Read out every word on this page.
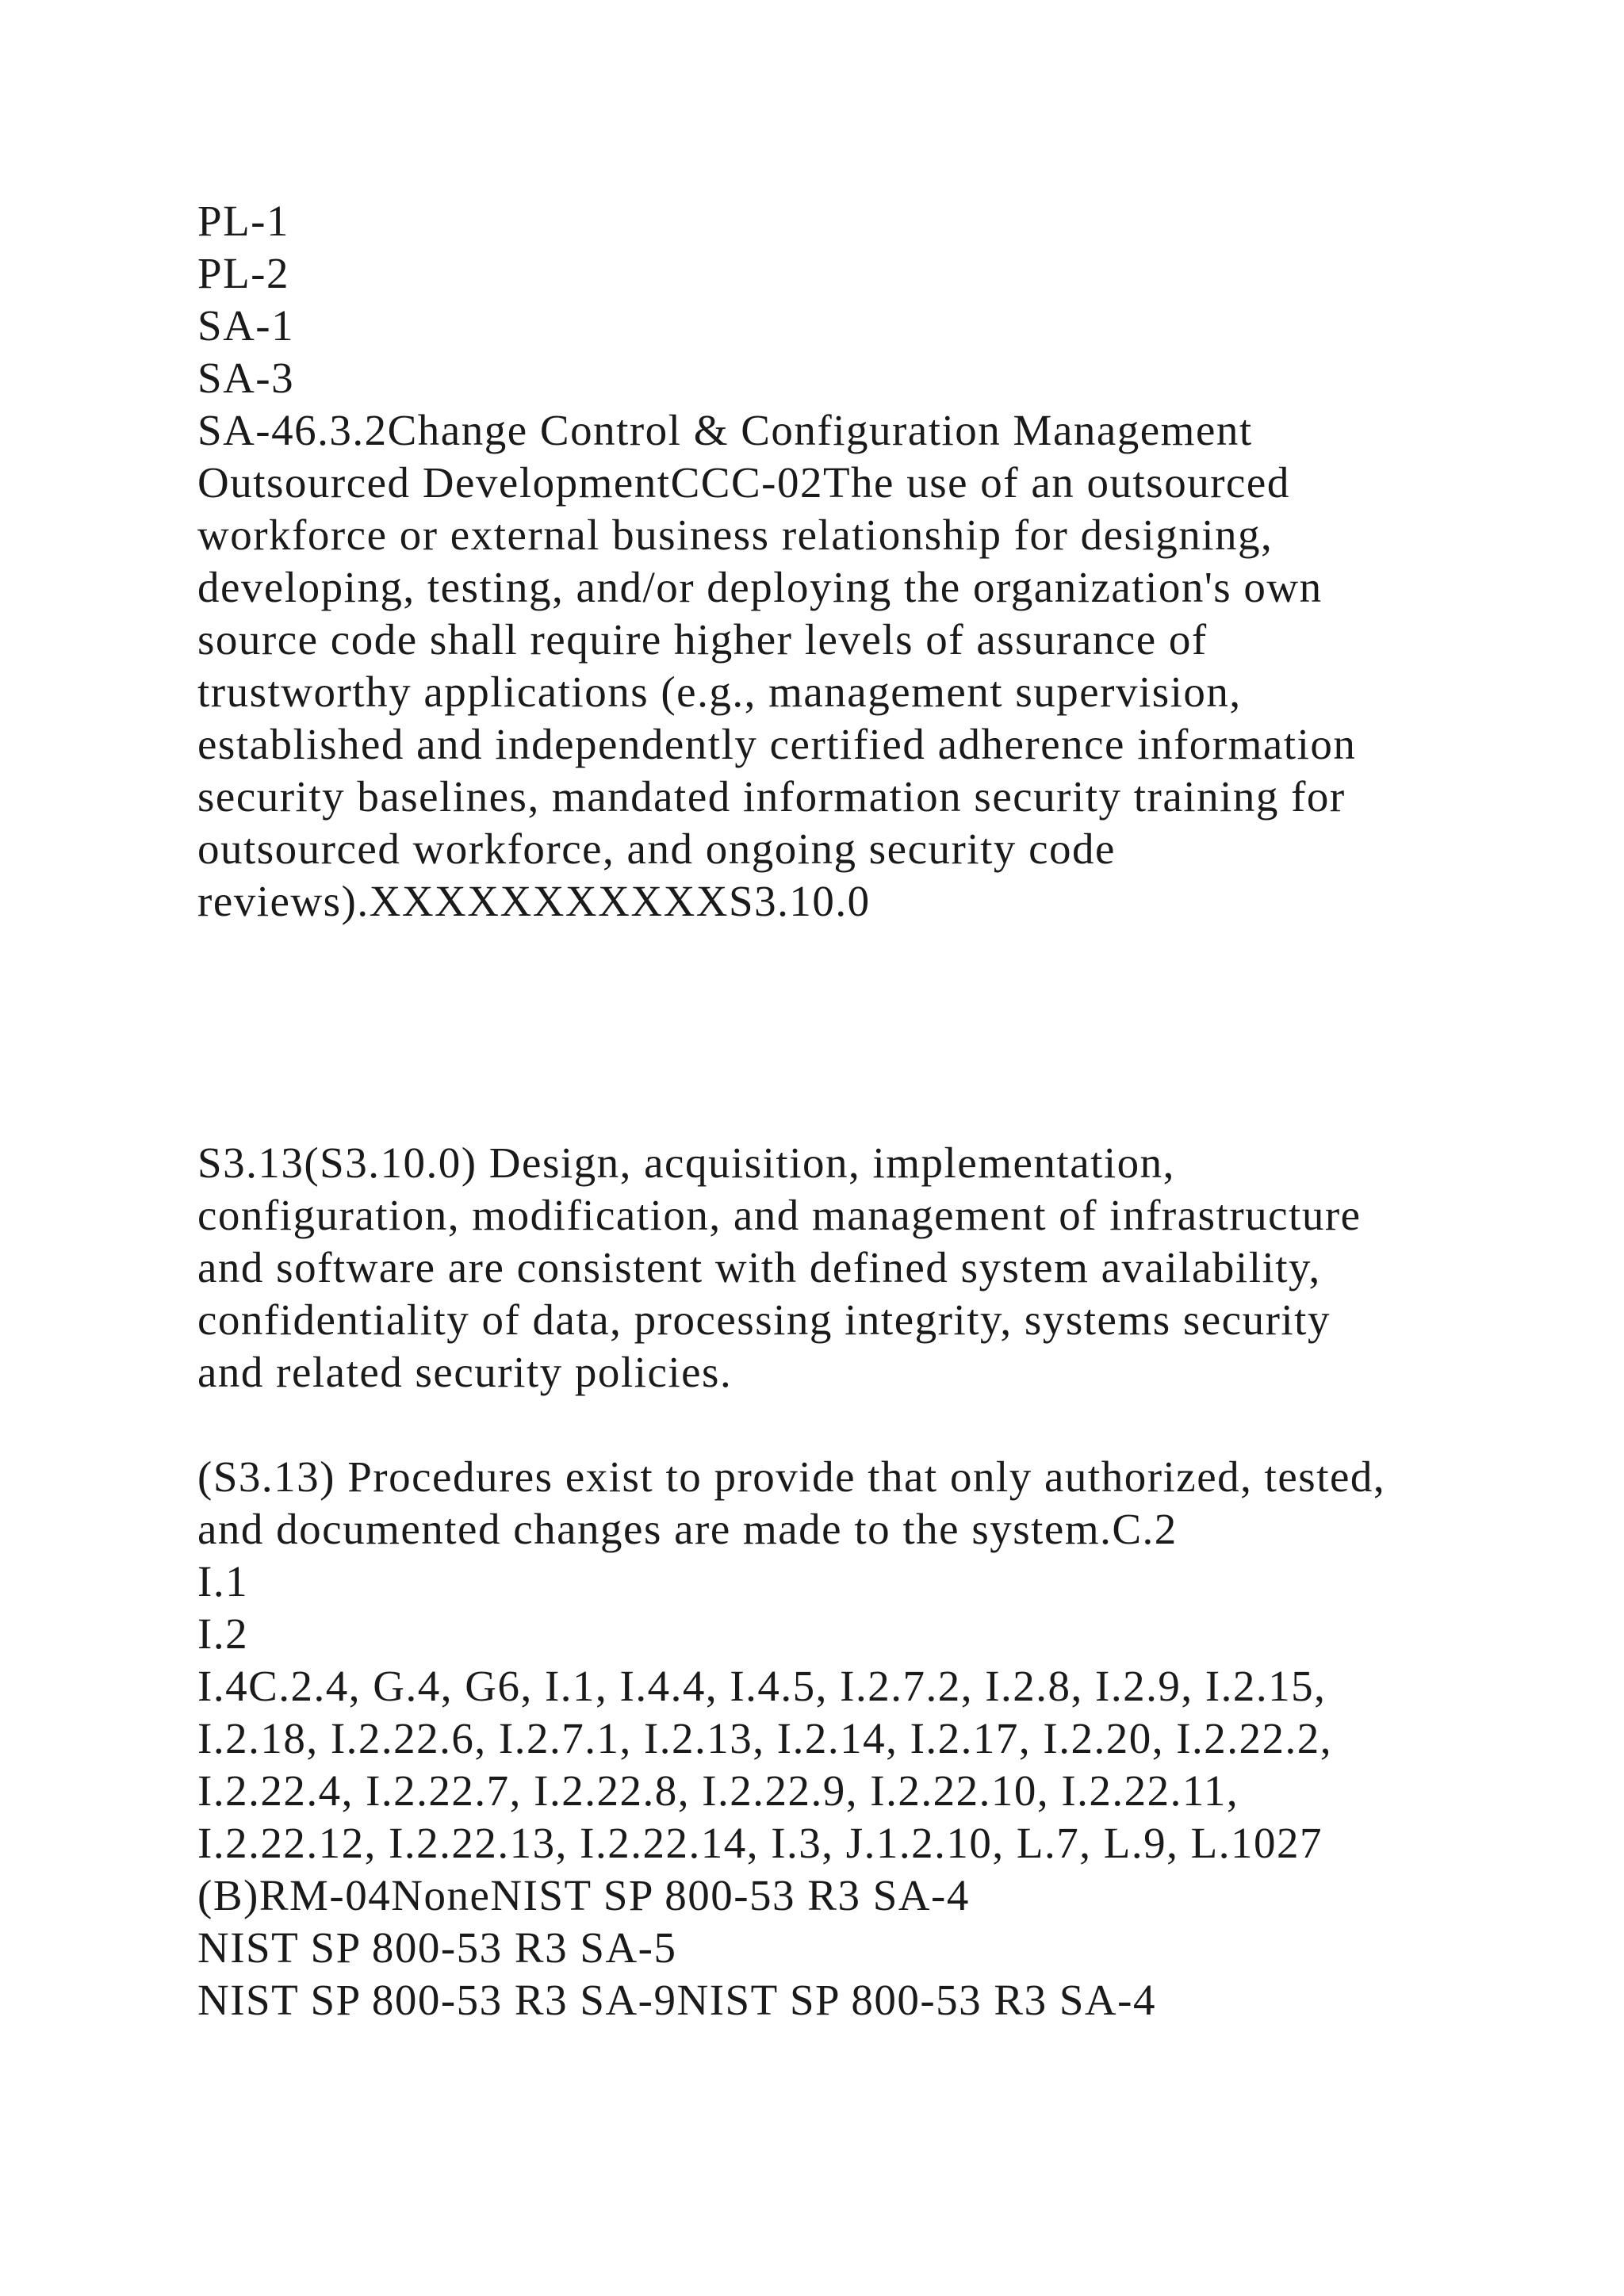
PL-1
PL-2
SA-1
SA-3
SA-46.3.2Change Control & Configuration Management
Outsourced DevelopmentCCC-02The use of an outsourced
workforce or external business relationship for designing,
developing, testing, and/or deploying the organization's own
source code shall require higher levels of assurance of
trustworthy applications (e.g., management supervision,
established and independently certified adherence information
security baselines, mandated information security training for
outsourced workforce, and ongoing security code
reviews).XXXXXXXXXXXS3.10.0
S3.13(S3.10.0) Design, acquisition, implementation,
configuration, modification, and management of infrastructure
and software are consistent with defined system availability,
confidentiality of data, processing integrity, systems security
and related security policies.
(S3.13) Procedures exist to provide that only authorized, tested,
and documented changes are made to the system.C.2
I.1
I.2
I.4C.2.4, G.4, G6, I.1, I.4.4, I.4.5, I.2.7.2, I.2.8, I.2.9, I.2.15,
I.2.18, I.2.22.6, I.2.7.1, I.2.13, I.2.14, I.2.17, I.2.20, I.2.22.2,
I.2.22.4, I.2.22.7, I.2.22.8, I.2.22.9, I.2.22.10, I.2.22.11,
I.2.22.12, I.2.22.13, I.2.22.14, I.3, J.1.2.10, L.7, L.9, L.1027
(B)RM-04NoneNIST SP 800-53 R3 SA-4
NIST SP 800-53 R3 SA-5
NIST SP 800-53 R3 SA-9NIST SP 800-53 R3 SA-4
